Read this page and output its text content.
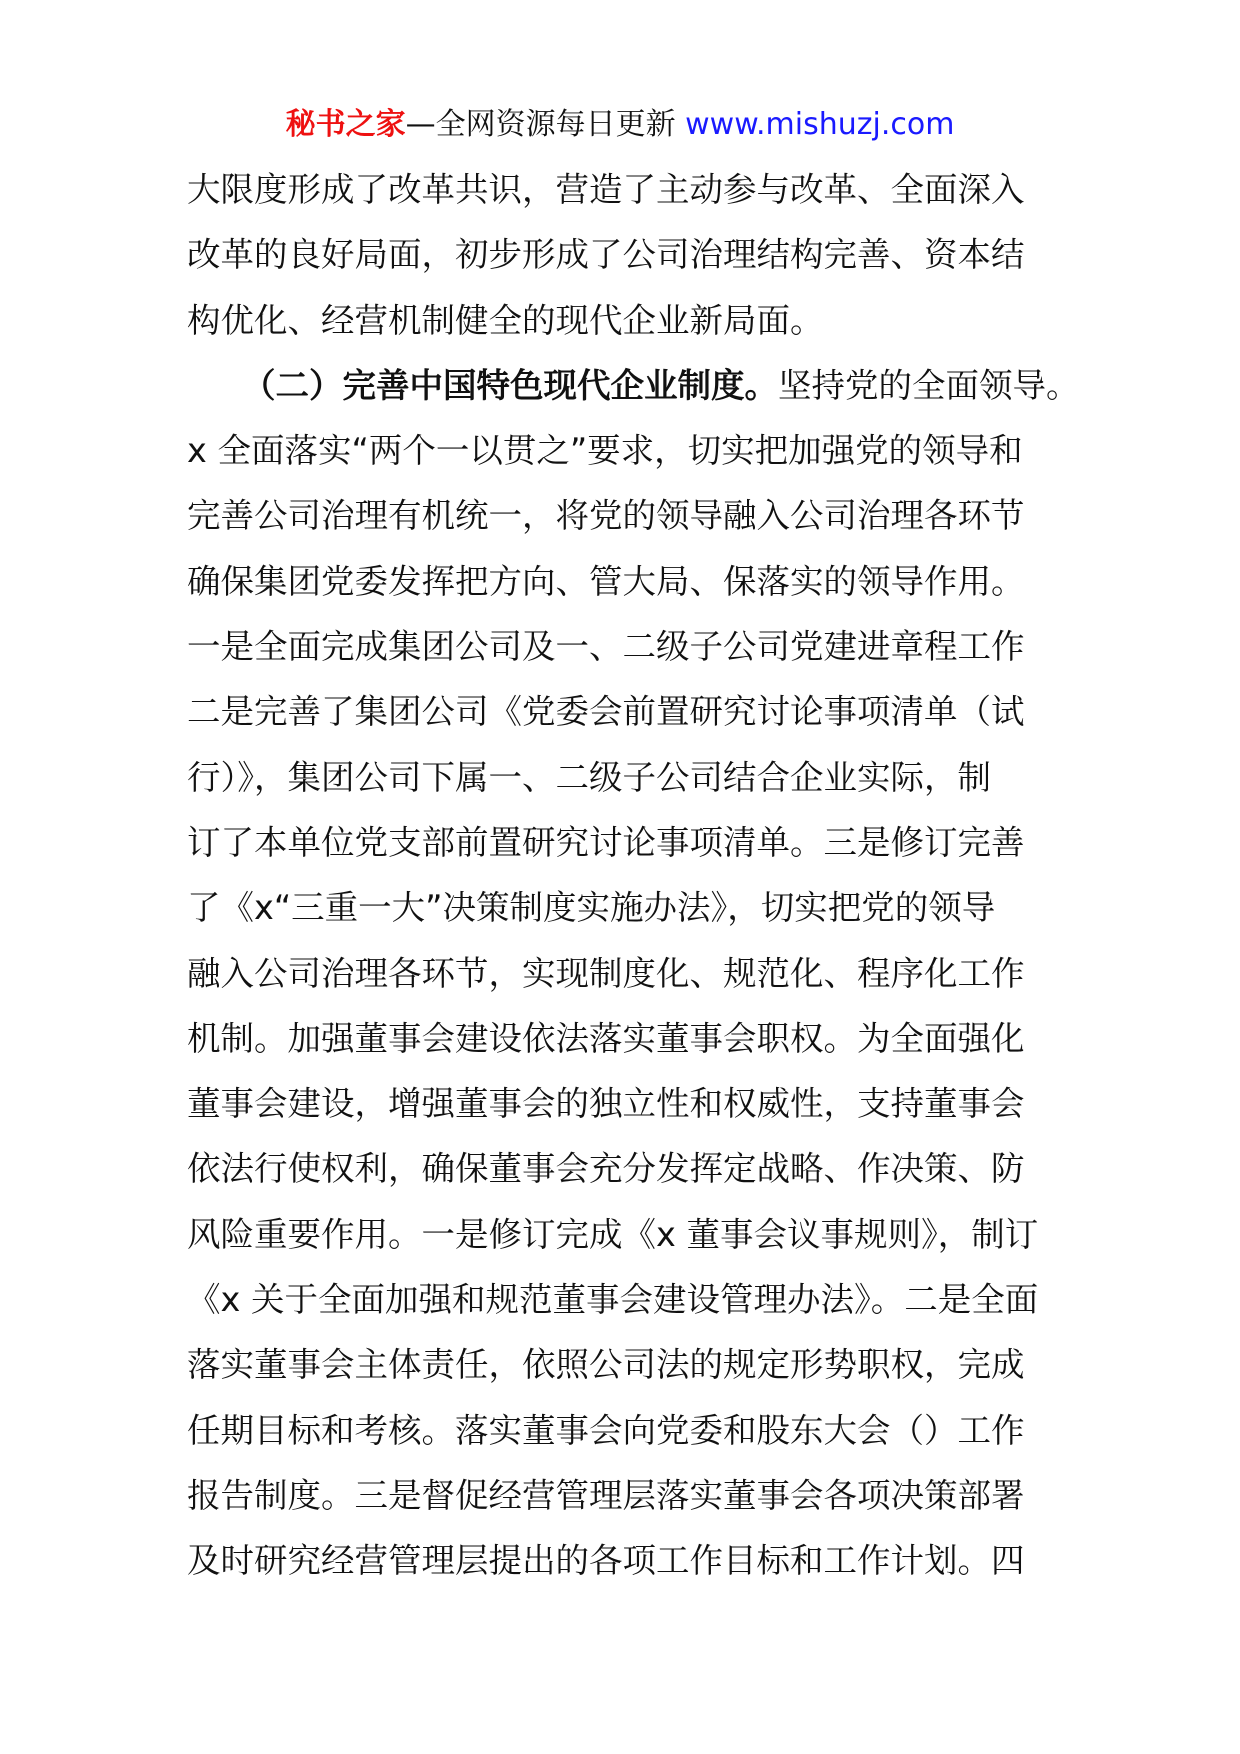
秘书之家—全网资源每日更新 www.mishuzj.com
大限度形成了改革共识，营造了主动参与改革、全面深入
改革的良好局面，初步形成了公司治理结构完善、资本结
构优化、经营机制健全的现代企业新局面。
（二）完善中国特色现代企业制度。坚持党的全面领导。
x 全面落实“两个一以贯之”要求，切实把加强党的领导和
完善公司治理有机统一，将党的领导融入公司治理各环节
确保集团党委发挥把方向、管大局、保落实的领导作用。
一是全面完成集团公司及一、二级子公司党建进章程工作
二是完善了集团公司《党委会前置研究讨论事项清单（试
行）》，集团公司下属一、二级子公司结合企业实际，制
订了本单位党支部前置研究讨论事项清单。三是修订完善
了《x“三重一大”决策制度实施办法》，切实把党的领导
融入公司治理各环节，实现制度化、规范化、程序化工作
机制。加强董事会建设依法落实董事会职权。为全面强化
董事会建设，增强董事会的独立性和权威性，支持董事会
依法行使权利，确保董事会充分发挥定战略、作决策、防
风险重要作用。一是修订完成《x 董事会议事规则》，制订
《x 关于全面加强和规范董事会建设管理办法》。二是全面
落实董事会主体责任，依照公司法的规定形势职权，完成
任期目标和考核。落实董事会向党委和股东大会（）工作
报告制度。三是督促经营管理层落实董事会各项决策部署
及时研究经营管理层提出的各项工作目标和工作计划。四
